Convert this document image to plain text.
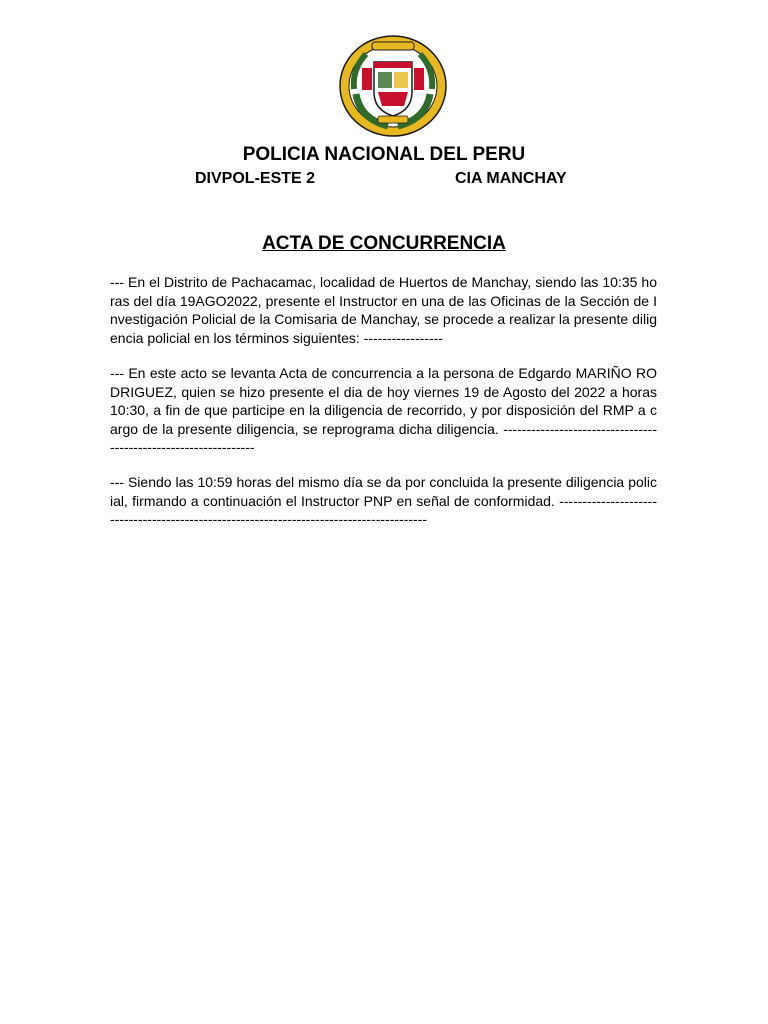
POLICIA NACIONAL DEL PERU
DIVPOL-ESTE 2	CIA MANCHAY
ACTA DE CONCURRENCIA
--- En el Distrito de Pachacamac, localidad de Huertos de Manchay, siendo las 10:35 horas del día 19AGO2022, presente el Instructor en una de las Oficinas de la Sección de Investigación Policial de la Comisaria de Manchay, se procede a realizar la presente diligencia policial en los términos siguientes: -----------------
--- En este acto se levanta Acta de concurrencia a la persona de Edgardo MARIÑO RODRIGUEZ, quien se hizo presente el dia de hoy viernes 19 de Agosto del 2022 a horas 10:30, a fin de que participe en la diligencia de recorrido, y por disposición del RMP a cargo de la presente diligencia, se reprograma dicha diligencia. ----------------------------------------------------------------
--- Siendo las 10:59 horas del mismo día se da por concluida la presente diligencia policial, firmando a continuación el Instructor PNP en señal de conformidad. -----------------------------------------------------------------------------------------
